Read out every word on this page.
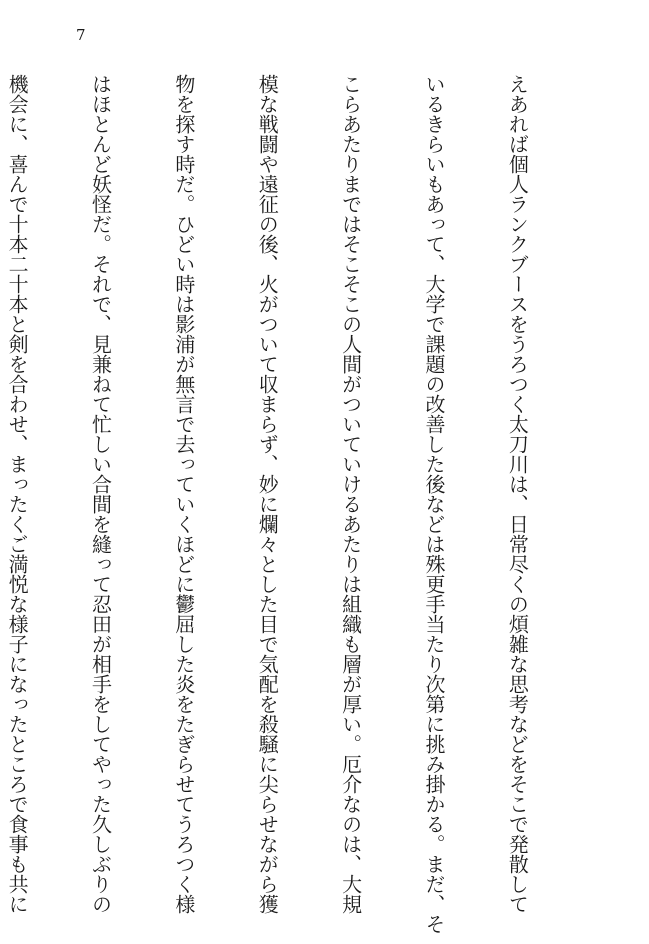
7

えあれば個人ランクブースをうろつく太刀川は、日常尽くの煩雑な思考などをそこで発散して

いるきらいもあって、大学で課題の改善した後などは殊更手当たり次第に挑み掛かる。まだ、そ

こらあたりまではそこそこの人間がついていけるあたりは組織も層が厚い。厄介なのは、大規

模な戦闘や遠征の後、火がついて収まらず、妙に爛々とした目で気配を殺騒に尖らせながら獲

物を探す時だ。ひどい時は影浦が無言で去っていくほどに鬱屈した炎をたぎらせてうろつく様

はほとんど妖怪だ。それで、見兼ねて忙しい合間を縫って忍田が相手をしてやった久しぶりの

機会に、喜んで十本二十本と剣を合わせ、まったくご満悦な様子になったところで食事も共に
